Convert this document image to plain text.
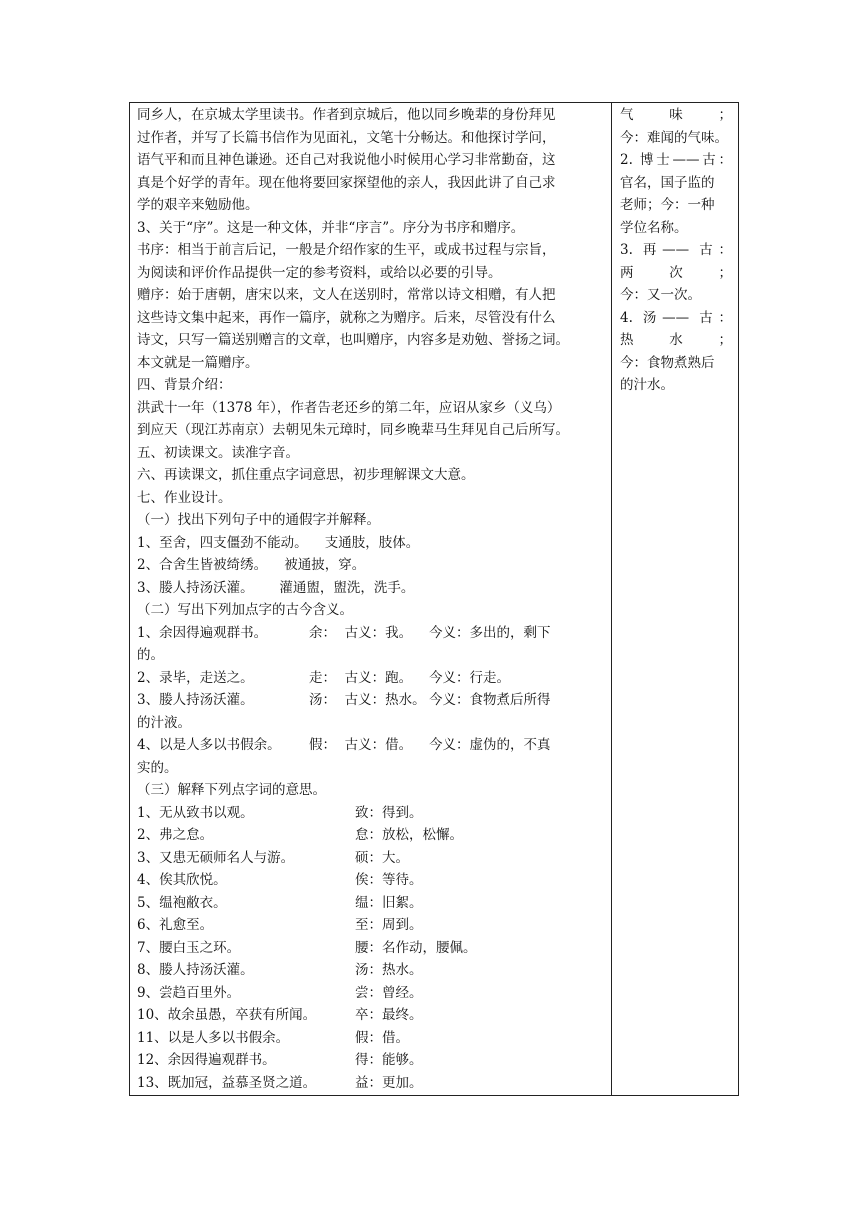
同乡人，在京城太学里读书。作者到京城后，他以同乡晚辈的身份拜见
过作者，并写了长篇书信作为见面礼，文笔十分畅达。和他探讨学问，
语气平和而且神色谦逊。还自己对我说他小时候用心学习非常勤奋，这
真是个好学的青年。现在他将要回家探望他的亲人，我因此讲了自己求
学的艰辛来勉励他。
3、关于“序”。这是一种文体，并非“序言”。序分为书序和赠序。
书序：相当于前言后记，一般是介绍作家的生平，或成书过程与宗旨，
为阅读和评价作品提供一定的参考资料，或给以必要的引导。
赠序：始于唐朝，唐宋以来，文人在送别时，常常以诗文相赠，有人把
这些诗文集中起来，再作一篇序，就称之为赠序。后来，尽管没有什么
诗文，只写一篇送别赠言的文章，也叫赠序，内容多是劝勉、誉扬之词。
本文就是一篇赠序。
四、背景介绍：
洪武十一年（1378 年），作者告老还乡的第二年，应诏从家乡（义乌）
到应天（现江苏南京）去朝见朱元璋时，同乡晚辈马生拜见自己后所写。
五、初读课文。读准字音。
六、再读课文，抓住重点字词意思，初步理解课文大意。
七、作业设计。
（一）找出下列句子中的通假字并解释。
1、至舍，四支僵劲不能动。    支通肢，肢体。
2、合舍生皆被绮绣。    被通披，穿。
3、媵人持汤沃灌。      灌通盥，盥洗，洗手。
（二）写出下列加点字的古今含义。
1、余因得遍观群书。	余：  古义：我。	今义：多出的，剩下
的。
2、录毕，走送之。	走：  古义：跑。	今义：行走。
3、媵人持汤沃灌。	汤：  古义：热水。 今义：食物煮后所得
的汁液。
4、以是人多以书假余。	假：  古义：借。	今义：虚伪的，不真
实的。
（三）解释下列点字词的意思。
1、无从致书以观。	致：得到。
2、弗之怠。	怠：放松，松懈。
3、又患无硕师名人与游。	硕：大。
4、俟其欣悦。	俟：等待。
5、缊袍敝衣。	缊：旧絮。
6、礼愈至。	至：周到。
7、腰白玉之环。	腰：名作动，腰佩。
8、媵人持汤沃灌。	汤：热水。
9、尝趋百里外。	尝：曾经。
10、故余虽愚，卒获有所闻。	卒：最终。
11、以是人多以书假余。	假：借。
12、余因得遍观群书。	得：能够。
13、既加冠，益慕圣贤之道。	益：更加。
气 味 ；
今：难闻的气味。
2. 博士——古：
官名，国子监的
老师；今：一种
学位名称。
3. 再—— 古：
两 次 ；
今：又一次。
4. 汤—— 古：
热 水 ；
今：食物煮熟后
的汁水。
